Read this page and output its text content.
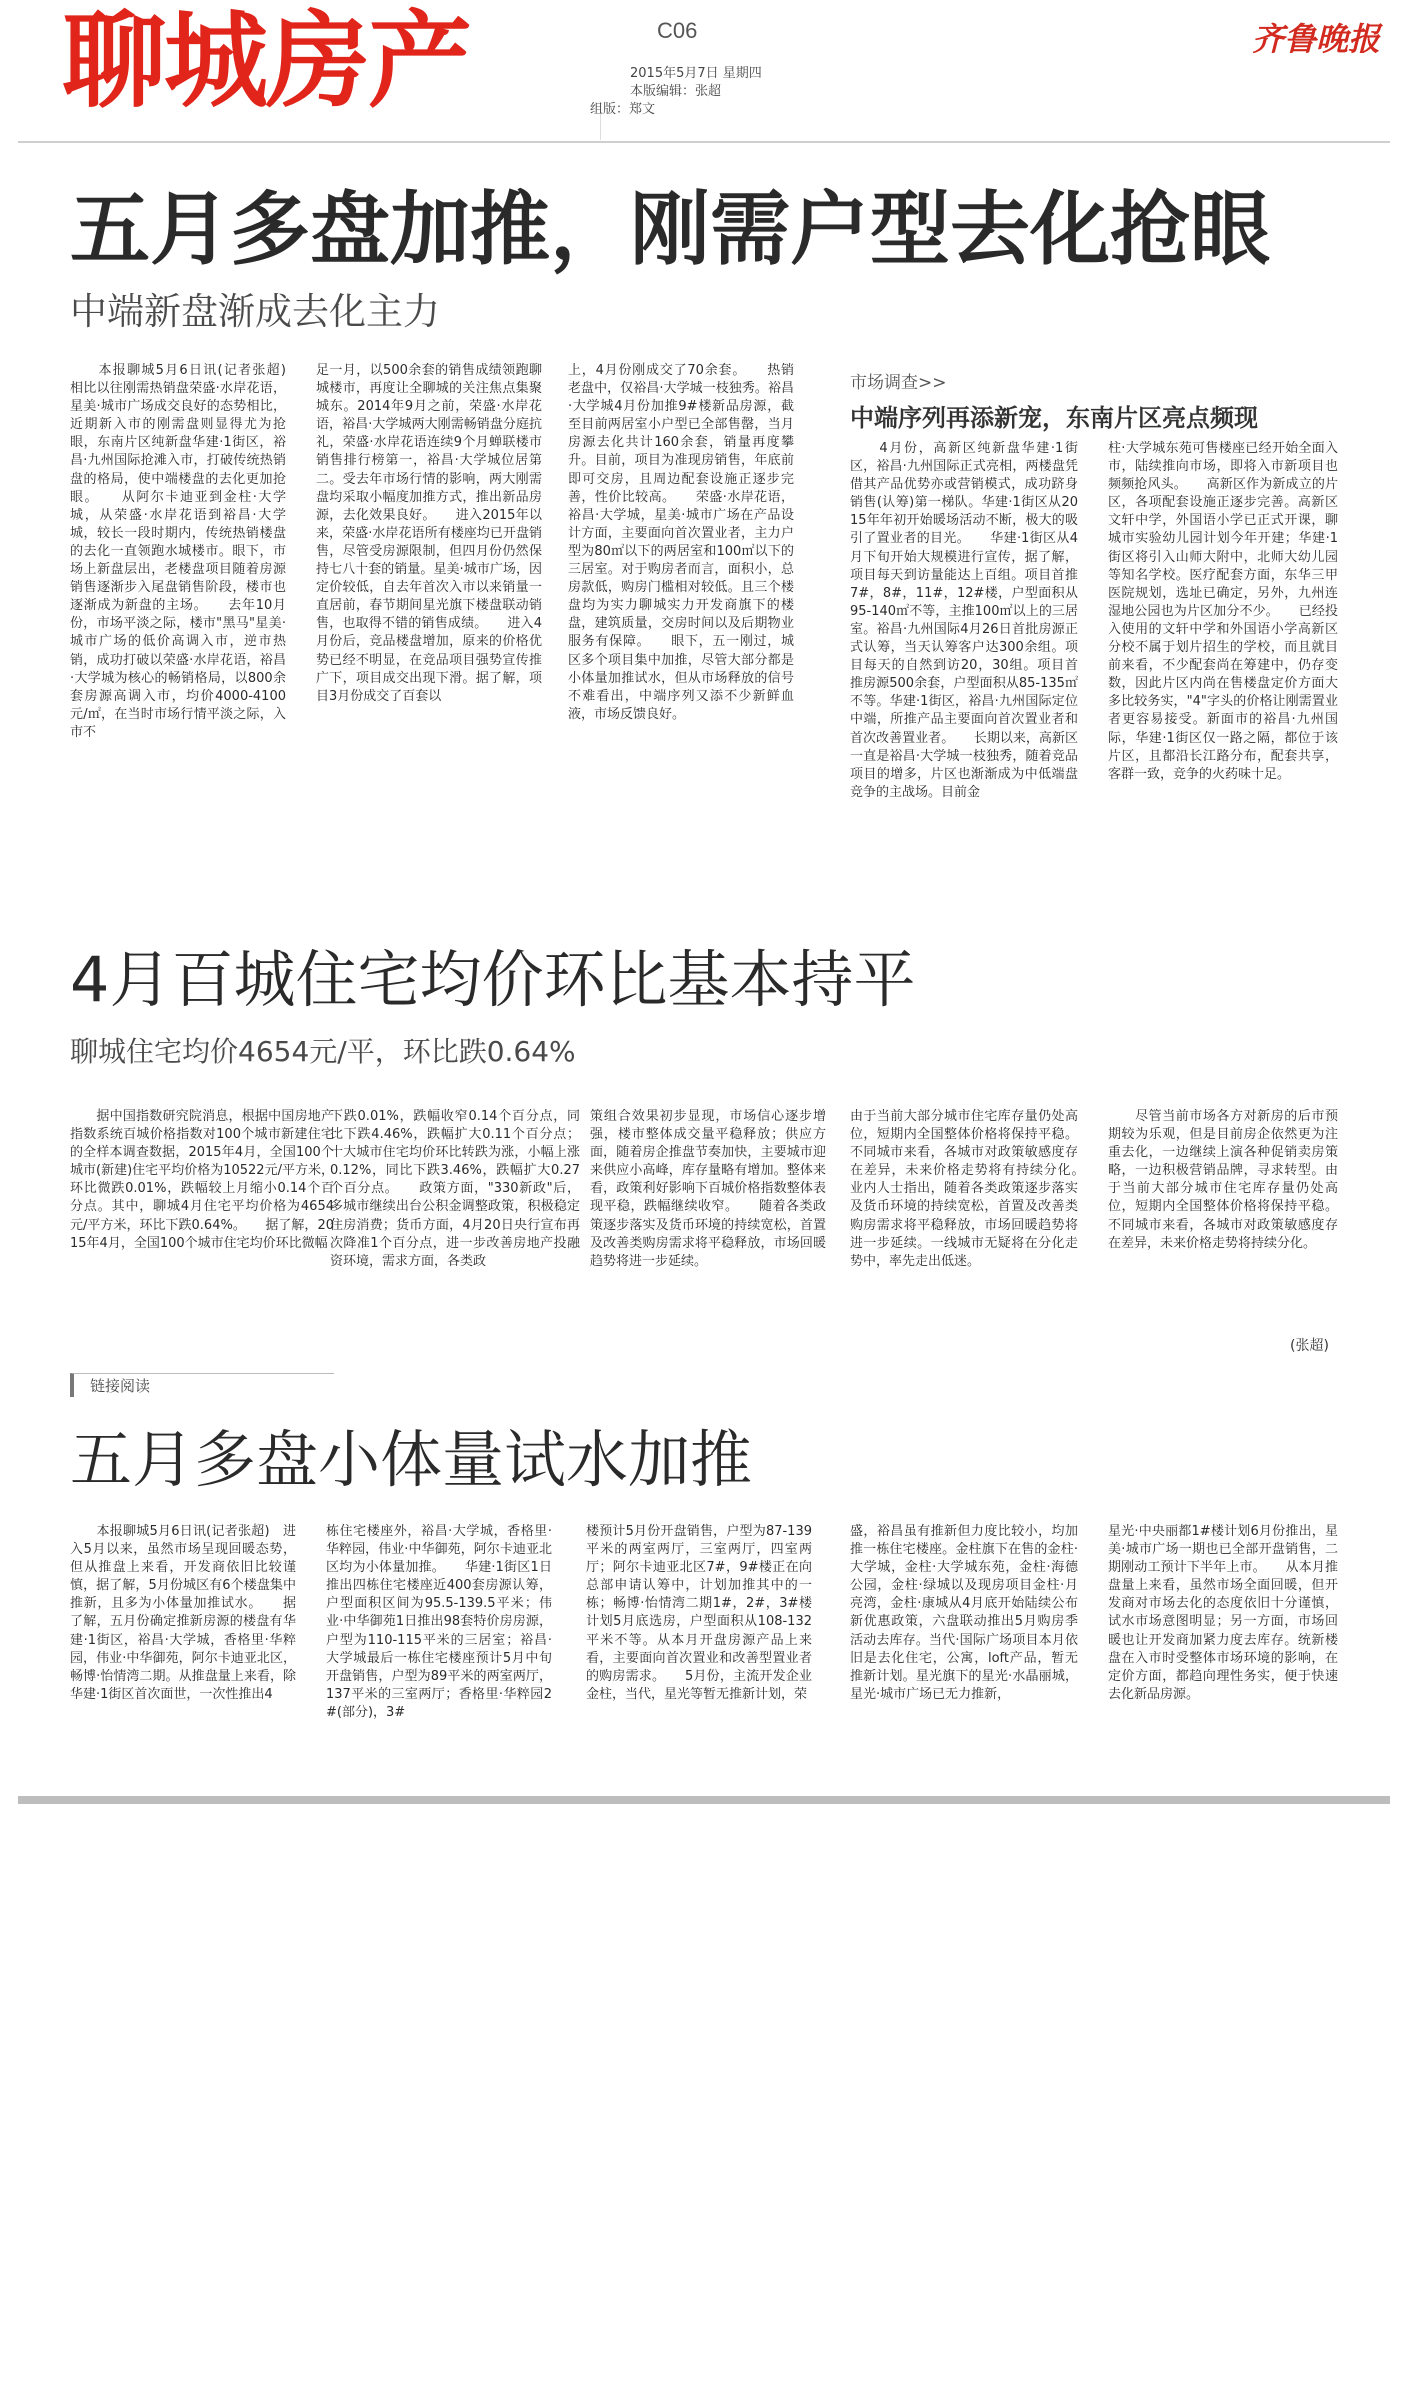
聊城房产	C06
2015年5月7日 星期四
本版编辑：张超
组版：郑文
齐鲁晚报
五月多盘加推，刚需户型去化抢眼
中端新盘渐成去化主力
　　本报聊城5月6日讯(记者张超)　相比以往刚需热销盘荣盛·水岸花语，星美·城市广场成交良好的态势相比，近期新入市的刚需盘则显得尤为抢眼，东南片区纯新盘华建·1街区，裕昌·九州国际抢滩入市，打破传统热销盘的格局，使中端楼盘的去化更加抢眼。　　从阿尔卡迪亚到金柱·大学城，从荣盛·水岸花语到裕昌·大学城，较长一段时期内，传统热销楼盘的去化一直领跑水城楼市。眼下，市场上新盘层出，老楼盘项目随着房源销售逐渐步入尾盘销售阶段，楼市也逐渐成为新盘的主场。　　去年10月份，市场平淡之际，楼市"黑马"星美·城市广场的低价高调入市，逆市热销，成功打破以荣盛·水岸花语，裕昌·大学城为核心的畅销格局，以800余套房源高调入市，均价4000-4100元/㎡，在当时市场行情平淡之际，入市不
足一月，以500余套的销售成绩领跑聊城楼市，再度让全聊城的关注焦点集聚城东。2014年9月之前，荣盛·水岸花语，裕昌·大学城两大刚需畅销盘分庭抗礼，荣盛·水岸花语连续9个月蝉联楼市销售排行榜第一，裕昌·大学城位居第二。受去年市场行情的影响，两大刚需盘均采取小幅度加推方式，推出新品房源，去化效果良好。　　进入2015年以来，荣盛·水岸花语所有楼座均已开盘销售，尽管受房源限制，但四月份仍然保持七八十套的销量。星美·城市广场，因定价较低，自去年首次入市以来销量一直居前，春节期间星光旗下楼盘联动销售，也取得不错的销售成绩。　　进入4月份后，竞品楼盘增加，原来的价格优势已经不明显，在竞品项目强势宣传推广下，项目成交出现下滑。据了解，项目3月份成交了百套以
上，4月份刚成交了70余套。　　热销老盘中，仅裕昌·大学城一枝独秀。裕昌·大学城4月份加推9#楼新品房源，截至目前两居室小户型已全部售罄，当月房源去化共计160余套，销量再度攀升。目前，项目为准现房销售，年底前即可交房，且周边配套设施正逐步完善，性价比较高。　　荣盛·水岸花语，裕昌·大学城，星美·城市广场在产品设计方面，主要面向首次置业者，主力户型为80㎡以下的两居室和100㎡以下的三居室。对于购房者而言，面积小，总房款低，购房门槛相对较低。且三个楼盘均为实力聊城实力开发商旗下的楼盘，建筑质量，交房时间以及后期物业服务有保障。　　眼下，五一刚过，城区多个项目集中加推，尽管大部分都是小体量加推试水，但从市场释放的信号不难看出，中端序列又添不少新鲜血液，市场反馈良好。
市场调查>>
中端序列再添新宠，东南片区亮点频现
　　4月份，高新区纯新盘华建·1街区，裕昌·九州国际正式亮相，两楼盘凭借其产品优势亦或营销模式，成功跻身销售(认筹)第一梯队。华建·1街区从2015年年初开始暖场活动不断，极大的吸引了置业者的目光。　　华建·1街区从4月下旬开始大规模进行宣传，据了解，项目每天到访量能达上百组。项目首推7#，8#，11#，12#楼，户型面积从95-140㎡不等，主推100㎡以上的三居室。裕昌·九州国际4月26日首批房源正式认筹，当天认筹客户达300余组。项目每天的自然到访20，30组。项目首推房源500余套，户型面积从85-135㎡不等。华建·1街区，裕昌·九州国际定位中端，所推产品主要面向首次置业者和首次改善置业者。　　长期以来，高新区一直是裕昌·大学城一枝独秀，随着竞品项目的增多，片区也渐渐成为中低端盘竞争的主战场。目前金
柱·大学城东苑可售楼座已经开始全面入市，陆续推向市场，即将入市新项目也频频抢风头。　　高新区作为新成立的片区，各项配套设施正逐步完善。高新区文轩中学，外国语小学已正式开课，聊城市实验幼儿园计划今年开建；华建·1街区将引入山师大附中，北师大幼儿园等知名学校。医疗配套方面，东华三甲医院规划，选址已确定，另外，九州连湿地公园也为片区加分不少。　　已经投入使用的文轩中学和外国语小学高新区分校不属于划片招生的学校，而且就目前来看，不少配套尚在筹建中，仍存变数，因此片区内尚在售楼盘定价方面大多比较务实，"4"字头的价格让刚需置业者更容易接受。新面市的裕昌·九州国际，华建·1街区仅一路之隔，都位于该片区，且都沿长江路分布，配套共享，客群一致，竞争的火药味十足。
4月百城住宅均价环比基本持平
聊城住宅均价4654元/平，环比跌0.64%
　　据中国指数研究院消息，根据中国房地产指数系统百城价格指数对100个城市新建住宅的全样本调查数据，2015年4月，全国100个城市(新建)住宅平均价格为10522元/平方米，环比微跌0.01%，跌幅较上月缩小0.14个百分点。其中，聊城4月住宅平均价格为4654元/平方米，环比下跌0.64%。　　据了解，2015年4月，全国100个城市住宅均价环比微幅
下跌0.01%，跌幅收窄0.14个百分点，同比下跌4.46%，跌幅扩大0.11个百分点；十大城市住宅均价环比转跌为涨，小幅上涨0.12%，同比下跌3.46%，跌幅扩大0.27个百分点。　　政策方面，"330新政"后，多城市继续出台公积金调整政策，积极稳定住房消费；货币方面，4月20日央行宣布再次降准1个百分点，进一步改善房地产投融资环境，需求方面，各类政
策组合效果初步显现，市场信心逐步增强，楼市整体成交量平稳释放；供应方面，随着房企推盘节奏加快，主要城市迎来供应小高峰，库存量略有增加。整体来看，政策利好影响下百城价格指数整体表现平稳，跌幅继续收窄。　　随着各类政策逐步落实及货币环境的持续宽松，首置及改善类购房需求将平稳释放，市场回暖趋势将进一步延续。
由于当前大部分城市住宅库存量仍处高位，短期内全国整体价格将保持平稳。不同城市来看，各城市对政策敏感度存在差异，未来价格走势将有持续分化。　　业内人士指出，随着各类政策逐步落实及货币环境的持续宽松，首置及改善类购房需求将平稳释放，市场回暖趋势将进一步延续。一线城市无疑将在分化走势中，率先走出低迷。
　　尽管当前市场各方对新房的后市预期较为乐观，但是目前房企依然更为注重去化，一边继续上演各种促销卖房策略，一边积极营销品牌，寻求转型。由于当前大部分城市住宅库存量仍处高位，短期内全国整体价格将保持平稳。不同城市来看，各城市对政策敏感度存在差异，未来价格走势将持续分化。
(张超)
链接阅读
五月多盘小体量试水加推
　　本报聊城5月6日讯(记者张超)　进入5月以来，虽然市场呈现回暖态势，但从推盘上来看，开发商依旧比较谨慎，据了解，5月份城区有6个楼盘集中推新，且多为小体量加推试水。　　据了解，五月份确定推新房源的楼盘有华建·1街区，裕昌·大学城，香格里·华粹园，伟业·中华御苑，阿尔卡迪亚北区，畅博·怡情湾二期。从推盘量上来看，除华建·1街区首次面世，一次性推出4
栋住宅楼座外，裕昌·大学城，香格里·华粹园，伟业·中华御苑，阿尔卡迪亚北区均为小体量加推。　　华建·1街区1日推出四栋住宅楼座近400套房源认筹，户型面积区间为95.5-139.5平米；伟业·中华御苑1日推出98套特价房房源，户型为110-115平米的三居室；裕昌·大学城最后一栋住宅楼座预计5月中旬开盘销售，户型为89平米的两室两厅，137平米的三室两厅；香格里·华粹园2#(部分)，3#
楼预计5月份开盘销售，户型为87-139平米的两室两厅，三室两厅，四室两厅；阿尔卡迪亚北区7#，9#楼正在向总部申请认筹中，计划加推其中的一栋；畅博·怡情湾二期1#，2#，3#楼计划5月底选房，户型面积从108-132平米不等。从本月开盘房源产品上来看，主要面向首次置业和改善型置业者的购房需求。　　5月份，主流开发企业金柱，当代，星光等暂无推新计划，荣
盛，裕昌虽有推新但力度比较小，均加推一栋住宅楼座。金柱旗下在售的金柱·大学城，金柱·大学城东苑，金柱·海德公园，金柱·绿城以及现房项目金柱·月亮湾，金柱·康城从4月底开始陆续公布新优惠政策，六盘联动推出5月购房季活动去库存。当代·国际广场项目本月依旧是去化住宅，公寓，loft产品，暂无推新计划。星光旗下的星光·水晶丽城，星光·城市广场已无力推新，
星光·中央丽都1#楼计划6月份推出，星美·城市广场一期也已全部开盘销售，二期刚动工预计下半年上市。　　从本月推盘量上来看，虽然市场全面回暖，但开发商对市场去化的态度依旧十分谨慎，试水市场意图明显；另一方面，市场回暖也让开发商加紧力度去库存。统新楼盘在入市时受整体市场环境的影响，在定价方面，都趋向理性务实，便于快速去化新品房源。
